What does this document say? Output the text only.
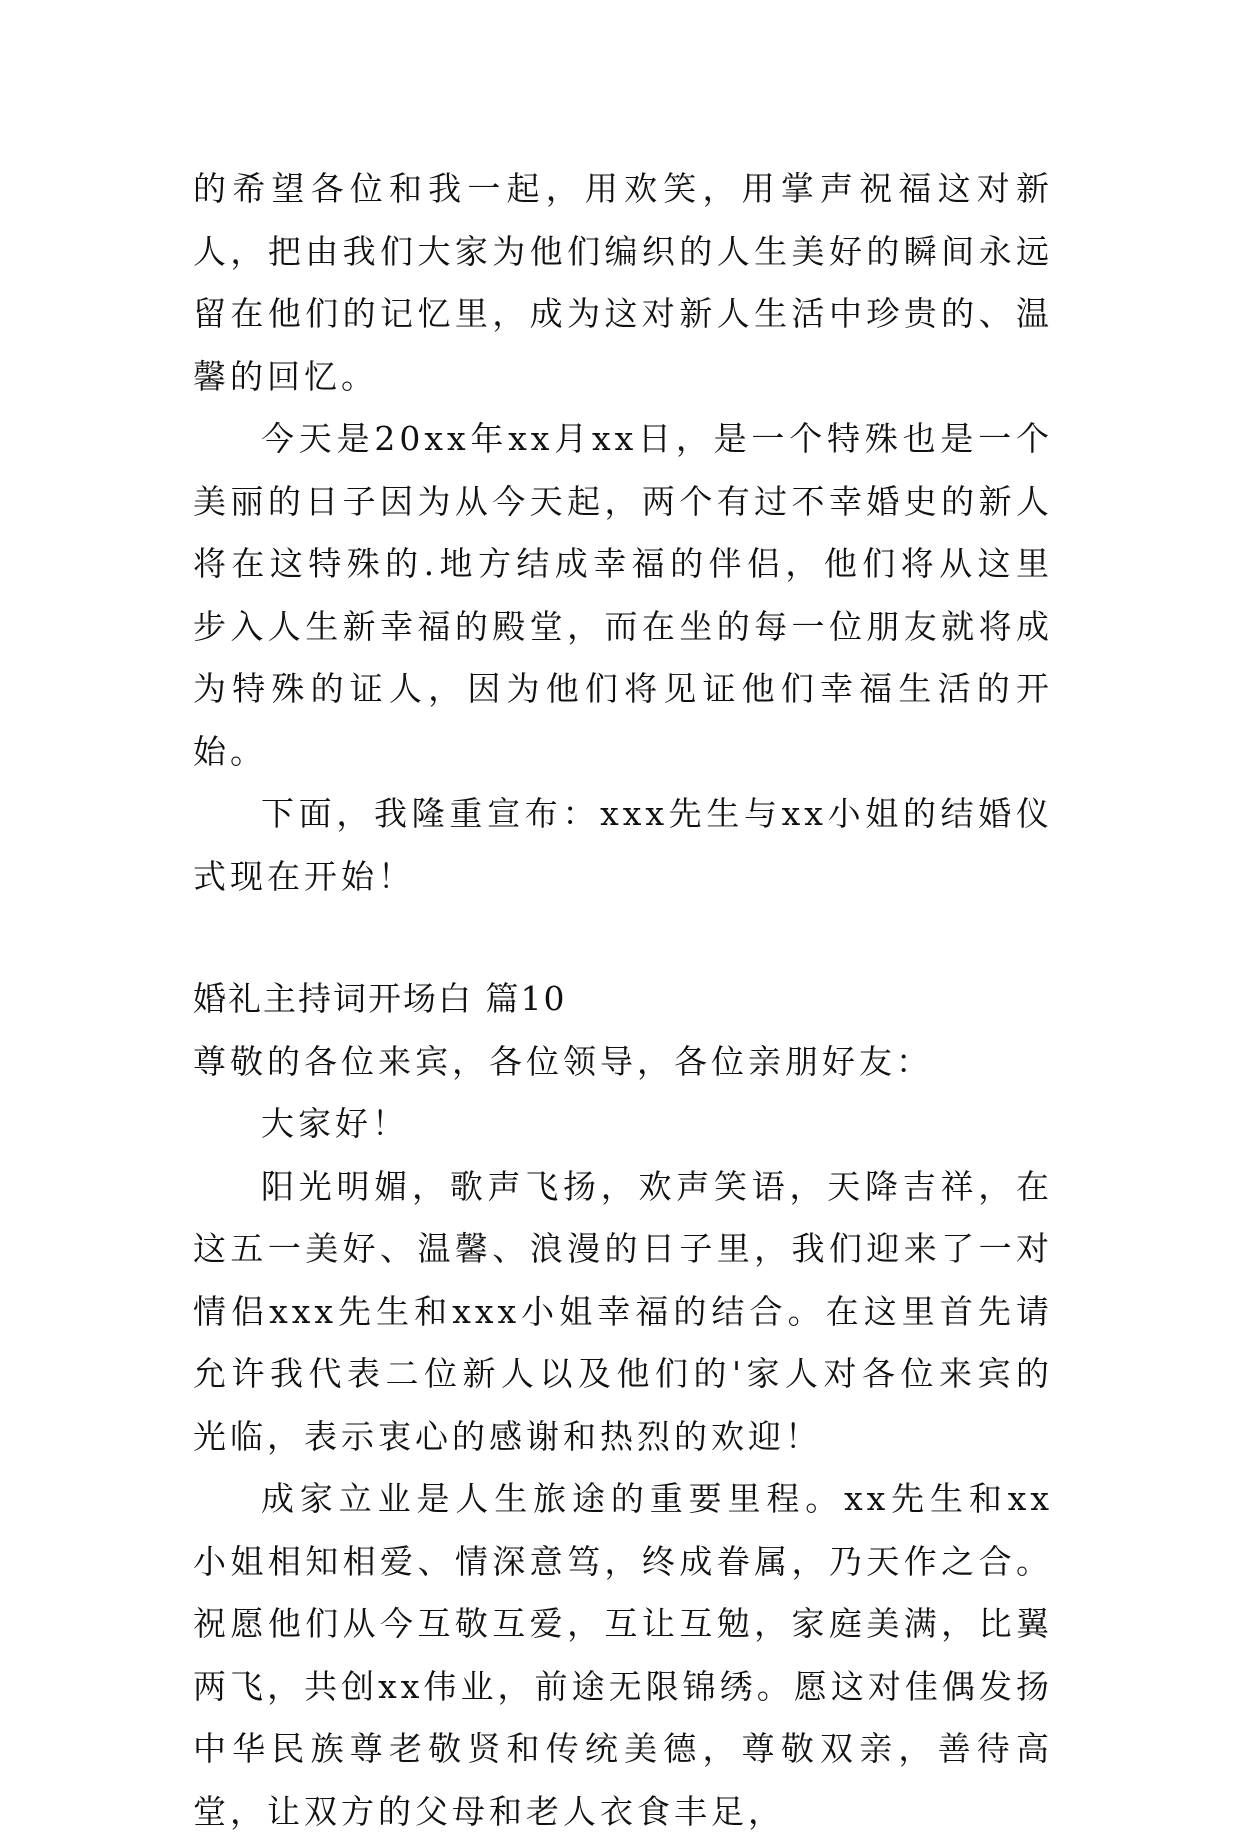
的希望各位和我一起，用欢笑，用掌声祝福这对新人，把由我们大家为他们编织的人生美好的瞬间永远留在他们的记忆里，成为这对新人生活中珍贵的、温馨的回忆。

今天是20xx年xx月xx日，是一个特殊也是一个美丽的日子因为从今天起，两个有过不幸婚史的新人将在这特殊的.地方结成幸福的伴侣，他们将从这里步入人生新幸福的殿堂，而在坐的每一位朋友就将成为特殊的证人，因为他们将见证他们幸福生活的开始。

下面，我隆重宣布：xxx先生与xx小姐的结婚仪式现在开始！

婚礼主持词开场白 篇10

尊敬的各位来宾，各位领导，各位亲朋好友：

大家好！

阳光明媚，歌声飞扬，欢声笑语，天降吉祥，在这五一美好、温馨、浪漫的日子里，我们迎来了一对情侣xxx先生和xxx小姐幸福的结合。在这里首先请允许我代表二位新人以及他们的'家人对各位来宾的光临，表示衷心的感谢和热烈的欢迎！

成家立业是人生旅途的重要里程。xx先生和xx小姐相知相爱、情深意笃，终成眷属，乃天作之合。祝愿他们从今互敬互爱，互让互勉，家庭美满，比翼两飞，共创xx伟业，前途无限锦绣。愿这对佳偶发扬中华民族尊老敬贤和传统美德，尊敬双亲，善待高堂，让双方的父母和老人衣食丰足，
